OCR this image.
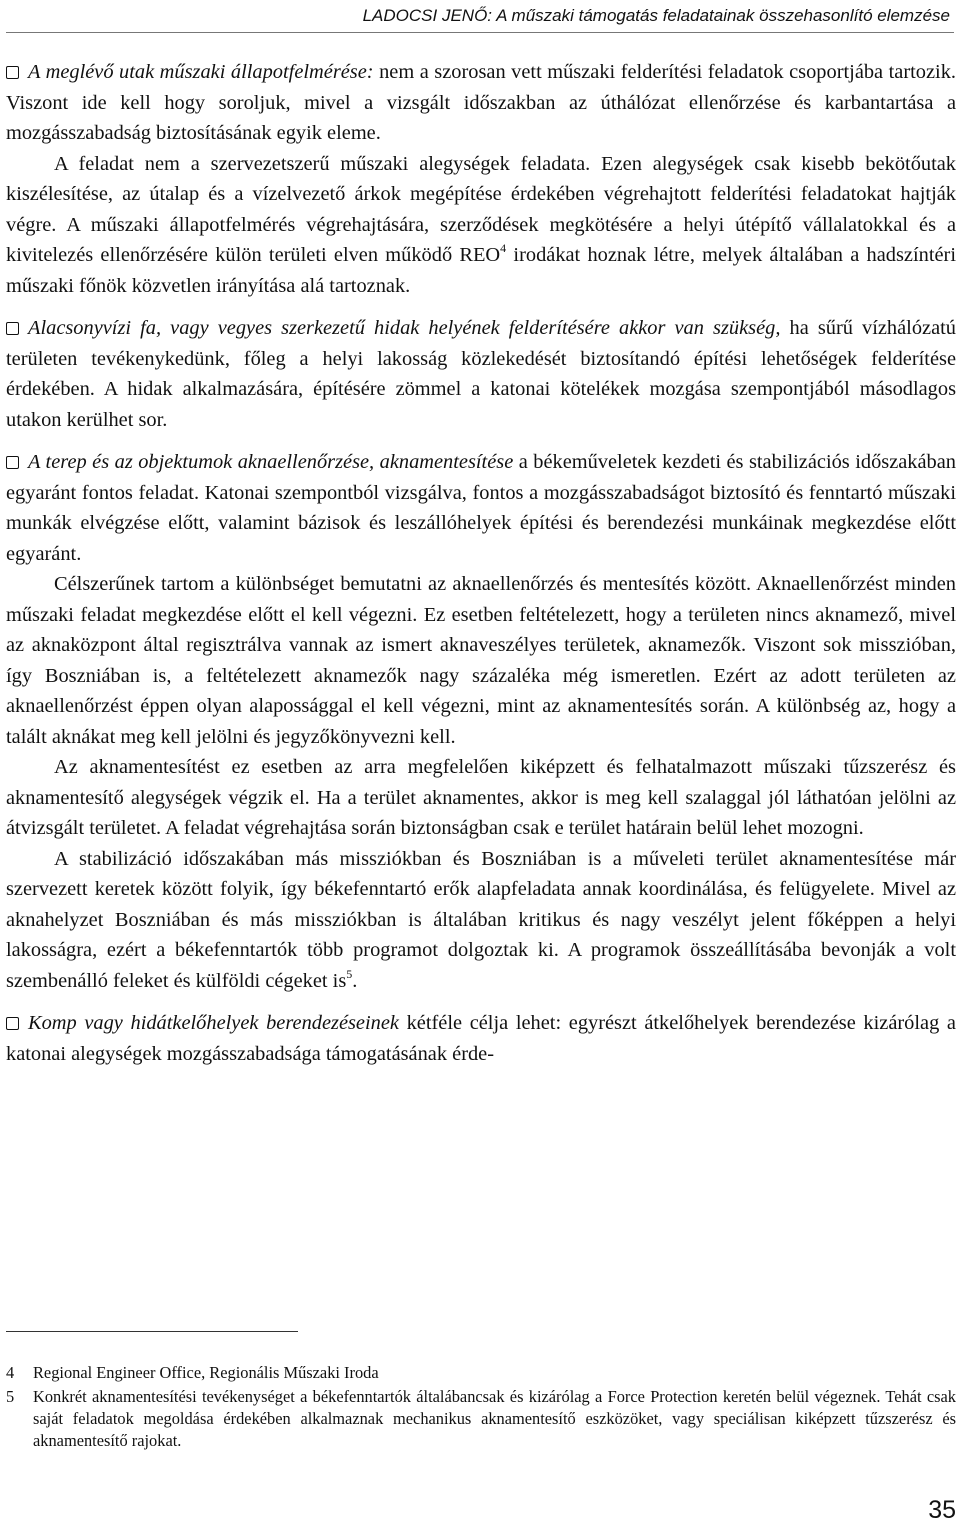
LADOCSI JENŐ: A műszaki támogatás feladatainak összehasonlító elemzése

A meglévő utak műszaki állapotfelmérése: nem a szorosan vett műszaki felderítési feladatok csoportjába tartozik. Viszont ide kell hogy soroljuk, mivel a vizsgált időszakban az úthálózat ellenőrzése és karbantartása a mozgásszabadság biztosításának egyik eleme.

A feladat nem a szervezetszerű műszaki alegységek feladata. Ezen alegységek csak kisebb bekötőutak kiszélesítése, az útalap és a vízelvezető árkok megépítése érdekében végrehajtott felderítési feladatokat hajtják végre. A műszaki állapotfelmérés végrehajtására, szerződések megkötésére a helyi útépítő vállalatokkal és a kivitelezés ellenőrzésére külön területi elven működő REO$^4$ irodákat hoznak létre, melyek általában a hadszíntéri műszaki főnök közvetlen irányítása alá tartoznak.

Alacsonyvízi fa, vagy vegyes szerkezetű hidak helyének felderítésére akkor van szükség, ha sűrű vízhálózatú területen tevékenykedünk, főleg a helyi lakosság közlekedését biztosítandó építési lehetőségek felderítése érdekében. A hidak alkalmazására, építésére zömmel a katonai kötelékek mozgása szempontjából másodlagos utakon kerülhet sor.

A terep és az objektumok aknaellenőrzése, aknamentesítése a békeműveletek kezdeti és stabilizációs időszakában egyaránt fontos feladat. Katonai szempontból vizsgálva, fontos a mozgásszabadságot biztosító és fenntartó műszaki munkák elvégzése előtt, valamint bázisok és leszállóhelyek építési és berendezési munkáinak megkezdése előtt egyaránt.

Célszerűnek tartom a különbséget bemutatni az aknaellenőrzés és mentesítés között. Aknaellenőrzést minden műszaki feladat megkezdése előtt el kell végezni. Ez esetben feltételezett, hogy a területen nincs aknamező, mivel az aknaközpont által regisztrálva vannak az ismert aknaveszélyes területek, aknamezők. Viszont sok misszióban, így Boszniában is, a feltételezett aknamezők nagy százaléka még ismeretlen. Ezért az adott területen az aknaellenőrzést éppen olyan alapossággal el kell végezni, mint az aknamentesítés során. A különbség az, hogy a talált aknákat meg kell jelölni és jegyzőkönyvezni kell.

Az aknamentesítést ez esetben az arra megfelelően kiképzett és felhatalmazott műszaki tűzszerész és aknamentesítő alegységek végzik el. Ha a terület aknamentes, akkor is meg kell szalaggal jól láthatóan jelölni az átvizsgált területet. A feladat végrehajtása során biztonságban csak e terület határain belül lehet mozogni.

A stabilizáció időszakában más missziókban és Boszniában is a műveleti terület aknamentesítése már szervezett keretek között folyik, így békefenntartó erők alapfeladata annak koordinálása, és felügyelete. Mivel az aknahelyzet Boszniában és más missziókban is általában kritikus és nagy veszélyt jelent főképpen a helyi lakosságra, ezért a békefenntartók több programot dolgoztak ki. A programok összeállításába bevonják a volt szembenálló feleket és külföldi cégeket $is^5$.

Komp vagy hidátkelőhelyek berendezéseinek kétféle célja lehet: egyrészt átkelőhelyek berendezése kizárólag a katonai alegységek mozgásszabadsága támogatásának érde-

4	Regional Engineer Office, Regionális Műszaki Iroda
5	Konkrét aknamentesítési tevékenységet a békefenntartók általábancsak és kizárólag a Force Protection keretén belül végeznek. Tehát csak saját feladatok megoldása érdekében alkalmaznak mechanikus aknamentesítő eszközöket, vagy speciálisan kiképzett tűzszerész és aknamentesítő rajokat.
35
